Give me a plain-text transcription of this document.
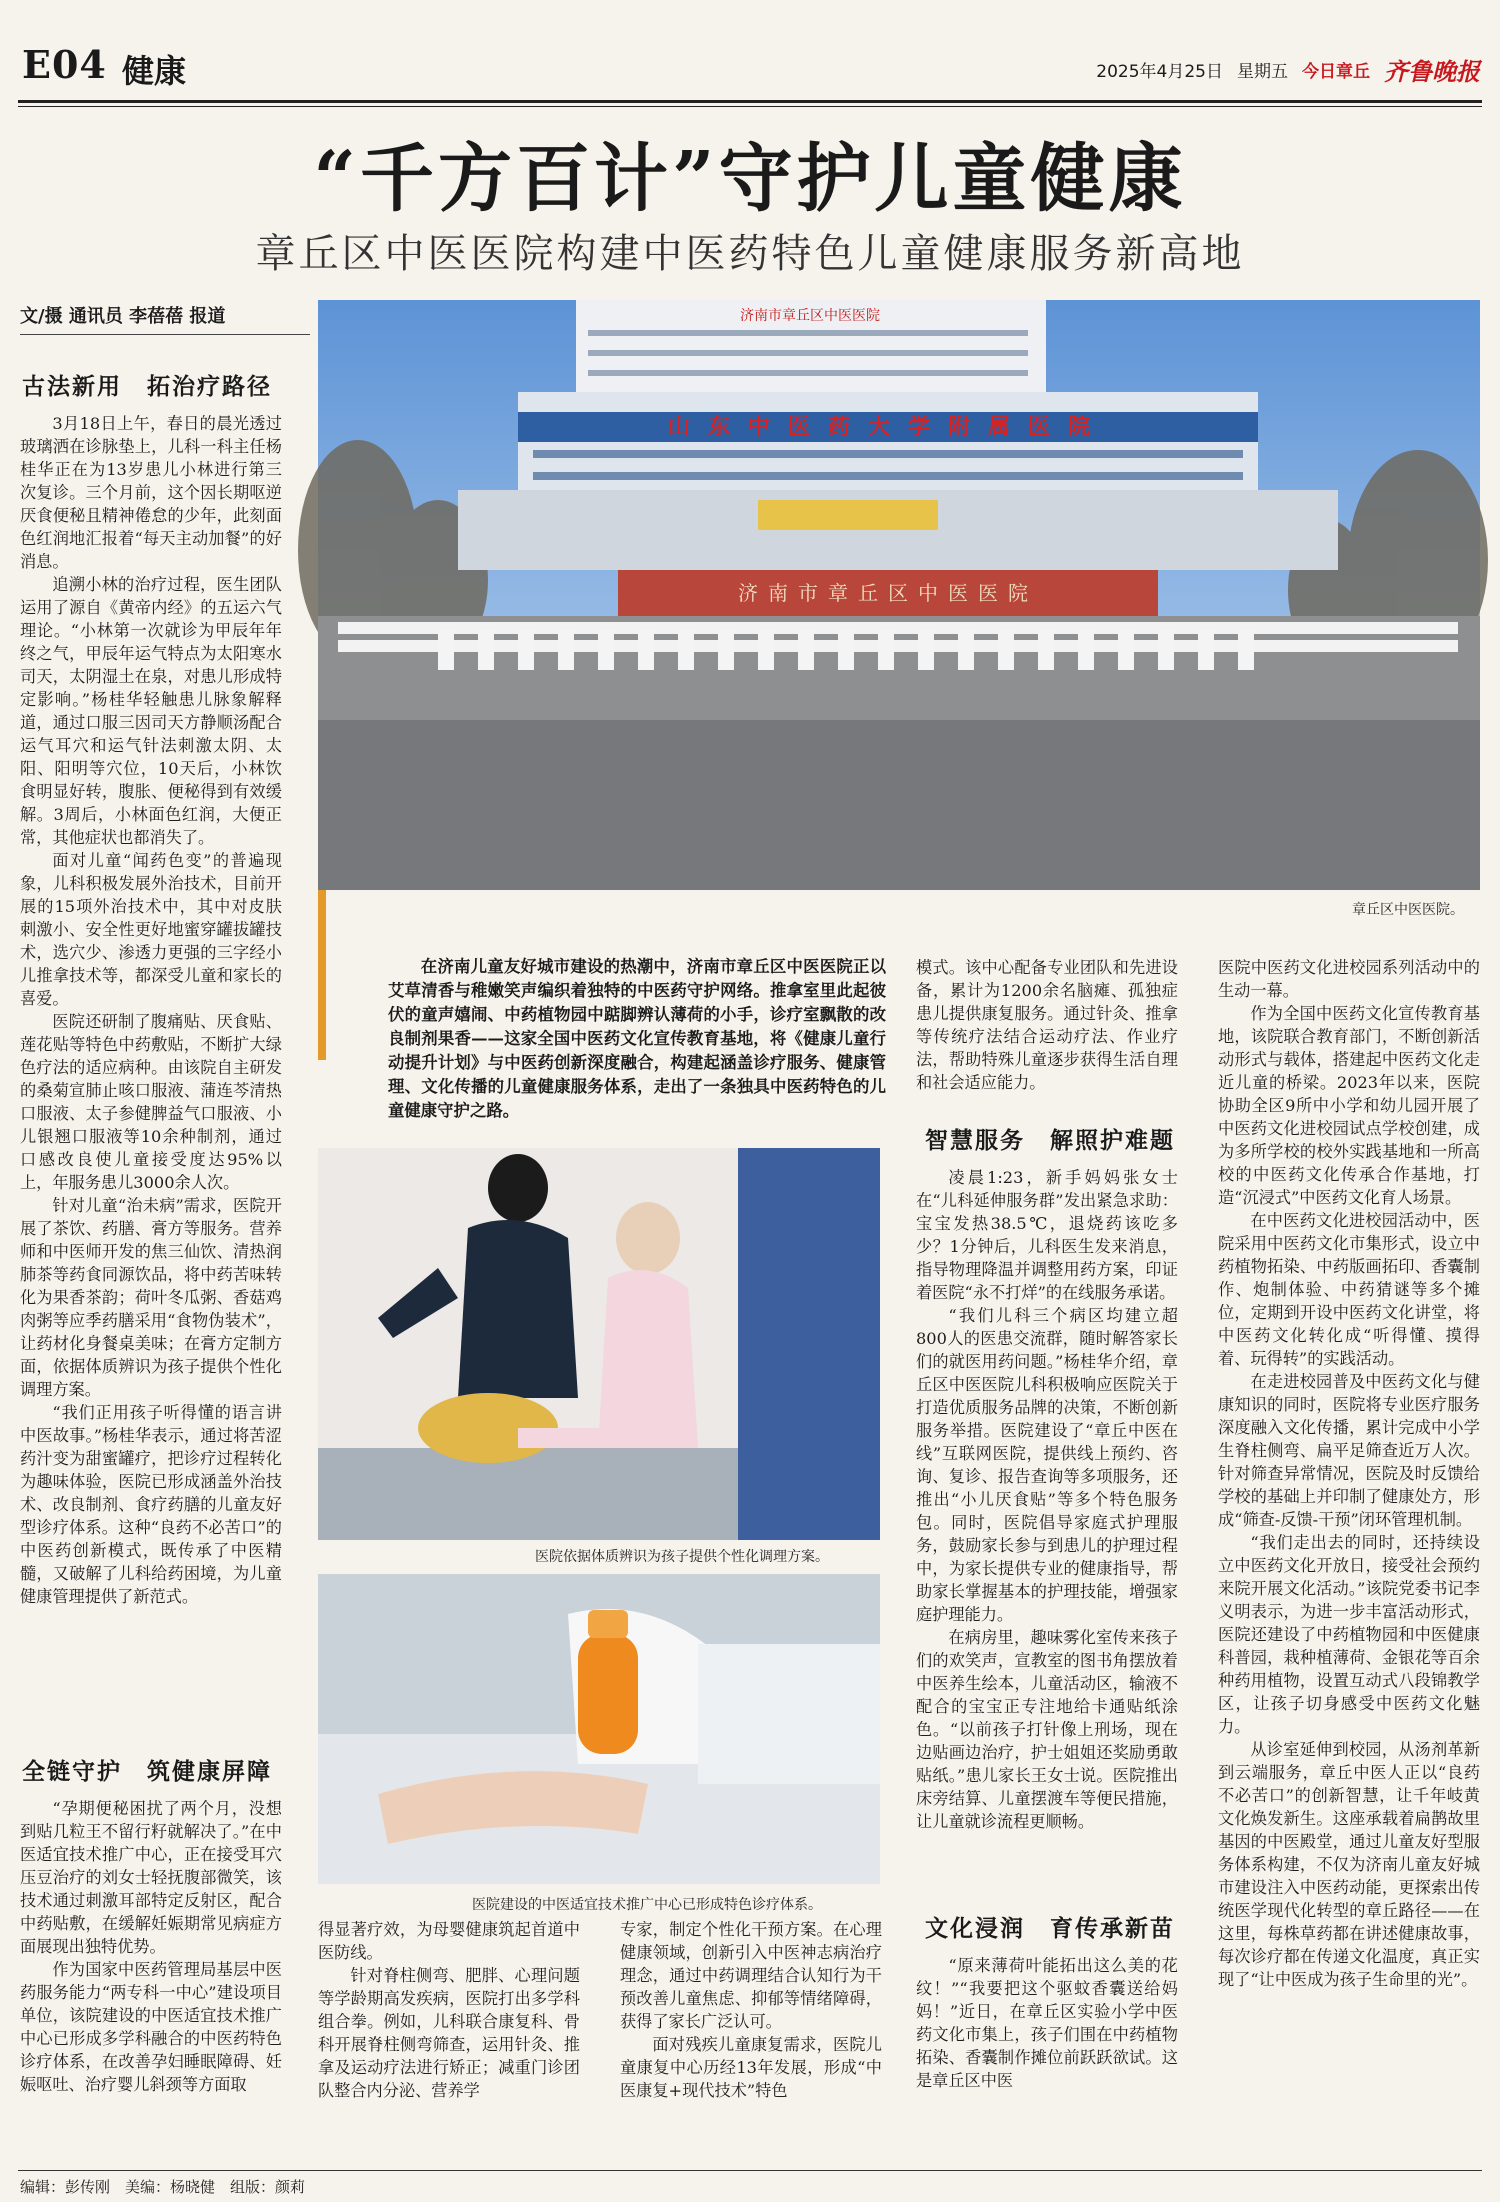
E04 健康	2025年4月25日 星期五 今日章丘 齐鲁晚报
“千方百计”守护儿童健康
章丘区中医医院构建中医药特色儿童健康服务新高地
文/摄 通讯员 李蓓蓓 报道
古法新用　拓治疗路径

3月18日上午，春日的晨光透过玻璃洒在诊脉垫上，儿科一科主任杨桂华正在为13岁患儿小林进行第三次复诊。三个月前，这个因长期呕逆厌食便秘且精神倦怠的少年，此刻面色红润地汇报着“每天主动加餐”的好消息。

追溯小林的治疗过程，医生团队运用了源自《黄帝内经》的五运六气理论。“小林第一次就诊为甲辰年年终之气，甲辰年运气特点为太阳寒水司天，太阴湿土在泉，对患儿形成特定影响。”杨桂华轻触患儿脉象解释道，通过口服三因司天方静顺汤配合运气耳穴和运气针法刺激太阴、太阳、阳明等穴位，10天后，小林饮食明显好转，腹胀、便秘得到有效缓解。3周后，小林面色红润，大便正常，其他症状也都消失了。

面对儿童“闻药色变”的普遍现象，儿科积极发展外治技术，目前开展的15项外治技术中，其中对皮肤刺激小、安全性更好地蜜穿罐拔罐技术，选穴少、渗透力更强的三字经小儿推拿技术等，都深受儿童和家长的喜爱。

医院还研制了腹痛贴、厌食贴、莲花贴等特色中药敷贴，不断扩大绿色疗法的适应病种。由该院自主研发的桑菊宣肺止咳口服液、蒲连芩清热口服液、太子参健脾益气口服液、小儿银翘口服液等10余种制剂，通过口感改良使儿童接受度达95%以上，年服务患儿3000余人次。

针对儿童“治未病”需求，医院开展了茶饮、药膳、膏方等服务。营养师和中医师开发的焦三仙饮、清热润肺茶等药食同源饮品，将中药苦味转化为果香茶韵；荷叶冬瓜粥、香菇鸡肉粥等应季药膳采用“食物伪装术”，让药材化身餐桌美味；在膏方定制方面，依据体质辨识为孩子提供个性化调理方案。

“我们正用孩子听得懂的语言讲中医故事。”杨桂华表示，通过将苦涩药汁变为甜蜜罐疗，把诊疗过程转化为趣味体验，医院已形成涵盖外治技术、改良制剂、食疗药膳的儿童友好型诊疗体系。这种“良药不必苦口”的中医药创新模式，既传承了中医精髓，又破解了儿科给药困境，为儿童健康管理提供了新范式。

全链守护　筑健康屏障

“孕期便秘困扰了两个月，没想到贴几粒王不留行籽就解决了。”在中医适宜技术推广中心，正在接受耳穴压豆治疗的刘女士轻抚腹部微笑，该技术通过刺激耳部特定反射区，配合中药贴敷，在缓解妊娠期常见病症方面展现出独特优势。

作为国家中医药管理局基层中医药服务能力“两专科一中心”建设项目单位，该院建设的中医适宜技术推广中心已形成多学科融合的中医药特色诊疗体系，在改善孕妇睡眠障碍、妊娠呕吐、治疗婴儿斜颈等方面取

济南市章丘区中医医院
山东中医药大学附属医院
济南市章丘区中医医院
章丘区中医医院。

在济南儿童友好城市建设的热潮中，济南市章丘区中医医院正以艾草清香与稚嫩笑声编织着独特的中医药守护网络。推拿室里此起彼伏的童声嬉闹、中药植物园中踮脚辨认薄荷的小手，诊疗室飘散的改良制剂果香——这家全国中医药文化宣传教育基地，将《健康儿童行动提升计划》与中医药创新深度融合，构建起涵盖诊疗服务、健康管理、文化传播的儿童健康服务体系，走出了一条独具中医药特色的儿童健康守护之路。

医院依据体质辨识为孩子提供个性化调理方案。
医院建设的中医适宜技术推广中心已形成特色诊疗体系。

得显著疗效，为母婴健康筑起首道中医防线。

针对脊柱侧弯、肥胖、心理问题等学龄期高发疾病，医院打出多学科组合拳。例如，儿科联合康复科、骨科开展脊柱侧弯筛查，运用针灸、推拿及运动疗法进行矫正；减重门诊团队整合内分泌、营养学

专家，制定个性化干预方案。在心理健康领域，创新引入中医神志病治疗理念，通过中药调理结合认知行为干预改善儿童焦虑、抑郁等情绪障碍，获得了家长广泛认可。

面对残疾儿童康复需求，医院儿童康复中心历经13年发展，形成“中医康复+现代技术”特色

模式。该中心配备专业团队和先进设备，累计为1200余名脑瘫、孤独症患儿提供康复服务。通过针灸、推拿等传统疗法结合运动疗法、作业疗法，帮助特殊儿童逐步获得生活自理和社会适应能力。

智慧服务　解照护难题

凌晨1:23，新手妈妈张女士在“儿科延伸服务群”发出紧急求助：宝宝发热38.5℃，退烧药该吃多少？1分钟后，儿科医生发来消息，指导物理降温并调整用药方案，印证着医院“永不打烊”的在线服务承诺。

“我们儿科三个病区均建立超800人的医患交流群，随时解答家长们的就医用药问题。”杨桂华介绍，章丘区中医医院儿科积极响应医院关于打造优质服务品牌的决策，不断创新服务举措。医院建设了“章丘中医在线”互联网医院，提供线上预约、咨询、复诊、报告查询等多项服务，还推出“小儿厌食贴”等多个特色服务包。同时，医院倡导家庭式护理服务，鼓励家长参与到患儿的护理过程中，为家长提供专业的健康指导，帮助家长掌握基本的护理技能，增强家庭护理能力。

在病房里，趣味雾化室传来孩子们的欢笑声，宣教室的图书角摆放着中医养生绘本，儿童活动区，输液不配合的宝宝正专注地给卡通贴纸涂色。“以前孩子打针像上刑场，现在边贴画边治疗，护士姐姐还奖励勇敢贴纸。”患儿家长王女士说。医院推出床旁结算、儿童摆渡车等便民措施，让儿童就诊流程更顺畅。

文化浸润　育传承新苗

“原来薄荷叶能拓出这么美的花纹！”“我要把这个驱蚊香囊送给妈妈！”近日，在章丘区实验小学中医药文化市集上，孩子们围在中药植物拓染、香囊制作摊位前跃跃欲试。这是章丘区中医

医院中医药文化进校园系列活动中的生动一幕。

作为全国中医药文化宣传教育基地，该院联合教育部门，不断创新活动形式与载体，搭建起中医药文化走近儿童的桥梁。2023年以来，医院协助全区9所中小学和幼儿园开展了中医药文化进校园试点学校创建，成为多所学校的校外实践基地和一所高校的中医药文化传承合作基地，打造“沉浸式”中医药文化育人场景。

在中医药文化进校园活动中，医院采用中医药文化市集形式，设立中药植物拓染、中药版画拓印、香囊制作、炮制体验、中药猜谜等多个摊位，定期到开设中医药文化讲堂，将中医药文化转化成“听得懂、摸得着、玩得转”的实践活动。

在走进校园普及中医药文化与健康知识的同时，医院将专业医疗服务深度融入文化传播，累计完成中小学生脊柱侧弯、扁平足筛查近万人次。针对筛查异常情况，医院及时反馈给学校的基础上并印制了健康处方，形成“筛查-反馈-干预”闭环管理机制。

“我们走出去的同时，还持续设立中医药文化开放日，接受社会预约来院开展文化活动。”该院党委书记李义明表示，为进一步丰富活动形式，医院还建设了中药植物园和中医健康科普园，栽种植薄荷、金银花等百余种药用植物，设置互动式八段锦教学区，让孩子切身感受中医药文化魅力。

从诊室延伸到校园，从汤剂革新到云端服务，章丘中医人正以“良药不必苦口”的创新智慧，让千年岐黄文化焕发新生。这座承载着扁鹊故里基因的中医殿堂，通过儿童友好型服务体系构建，不仅为济南儿童友好城市建设注入中医药动能，更探索出传统医学现代化转型的章丘路径——在这里，每株草药都在讲述健康故事，每次诊疗都在传递文化温度，真正实现了“让中医成为孩子生命里的光”。

编辑：彭传刚　美编：杨晓健　组版：颜莉
